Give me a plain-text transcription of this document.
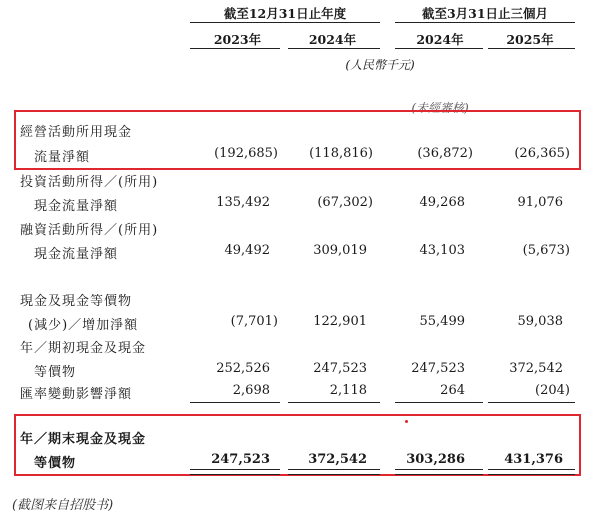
截至12月31日止年度	截至3月31日止三個月
2023年	2024年	2024年	2025年
(人民幣千元)
(未經審核)
經營活動所用現金
流量淨額	(192,685)	(118,816)	(36,872)	(26,365)
投資活動所得／(所用)
現金流量淨額	135,492	(67,302)	49,268	91,076
融資活動所得／(所用)
現金流量淨額	49,492	309,019	43,103	(5,673)
現金及現金等價物
(減少)／增加淨額	(7,701)	122,901	55,499	59,038
年／期初現金及現金
等價物	252,526	247,523	247,523	372,542
匯率變動影響淨額	2,698	2,118	264	(204)
年／期末現金及現金
等價物	247,523	372,542	303,286	431,376
(截图来自招股书)
